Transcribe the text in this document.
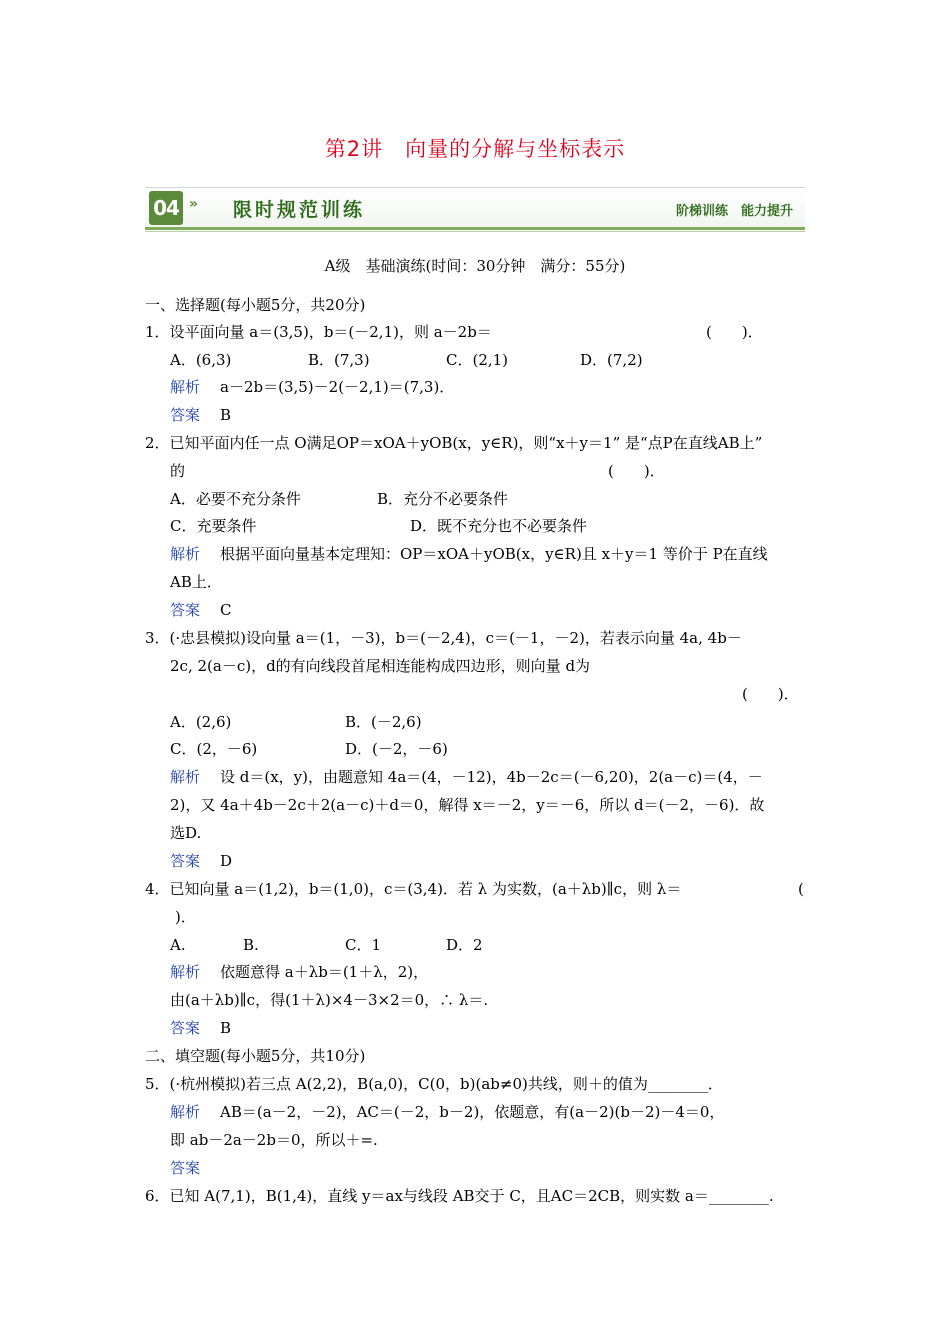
第2讲　向量的分解与坐标表示
04 » 限时规范训练	阶梯训练　能力提升
A级　基础演练(时间：30分钟　满分：55分)
一、选择题(每小题5分，共20分)
1．设平面向量 a＝(3,5)，b＝(－2,1)，则 a－2b＝	(　　)．
A．(6,3)	B．(7,3)	C．(2,1)	D．(7,2)
解析 a－2b＝(3,5)－2(－2,1)＝(7,3)．
答案 B
2．已知平面内任一点 O满足OP＝xOA＋yOB(x，y∈R)，则“x＋y＝1” 是“点P在直线AB上”
的	(　　)．
A．必要不充分条件	B．充分不必要条件
C．充要条件	D．既不充分也不必要条件
解析 根据平面向量基本定理知：OP＝xOA＋yOB(x，y∈R)且 x＋y＝1 等价于 P在直线
AB上．
答案 C
3．(·忠县模拟)设向量 a＝(1，－3)，b＝(－2,4)，c＝(－1，－2)，若表示向量 4a, 4b－
2c, 2(a－c)，d的有向线段首尾相连能构成四边形，则向量 d为
(　　)．
A．(2,6)	B．(－2,6)
C．(2，－6)	D．(－2，－6)
解析 设 d＝(x，y)，由题意知 4a＝(4，－12)，4b－2c＝(－6,20)，2(a－c)＝(4，－
2)，又 4a＋4b－2c＋2(a－c)＋d＝0，解得 x＝－2，y＝－6，所以 d＝(－2，－6)．故
选D.
答案 D
4．已知向量 a＝(1,2)，b＝(1,0)，c＝(3,4)．若 λ 为实数，(a＋λb)∥c，则 λ＝	(
　)．
A.	B.	C．1	D．2
解析 依题意得 a＋λb＝(1＋λ，2)，
由(a＋λb)∥c，得(1＋λ)×4－3×2＝0，∴ λ＝.
答案 B
二、填空题(每小题5分，共10分)
5．(·杭州模拟)若三点 A(2,2)，B(a,0)，C(0，b)(ab≠0)共线，则＋的值为________．
解析 AB＝(a－2，－2)，AC＝(－2，b－2)，依题意，有(a－2)(b－2)－4＝0，
即 ab－2a－2b＝0，所以＋=.
答案
6．已知 A(7,1)，B(1,4)，直线 y＝ax与线段 AB交于 C，且AC＝2CB，则实数 a＝________.
